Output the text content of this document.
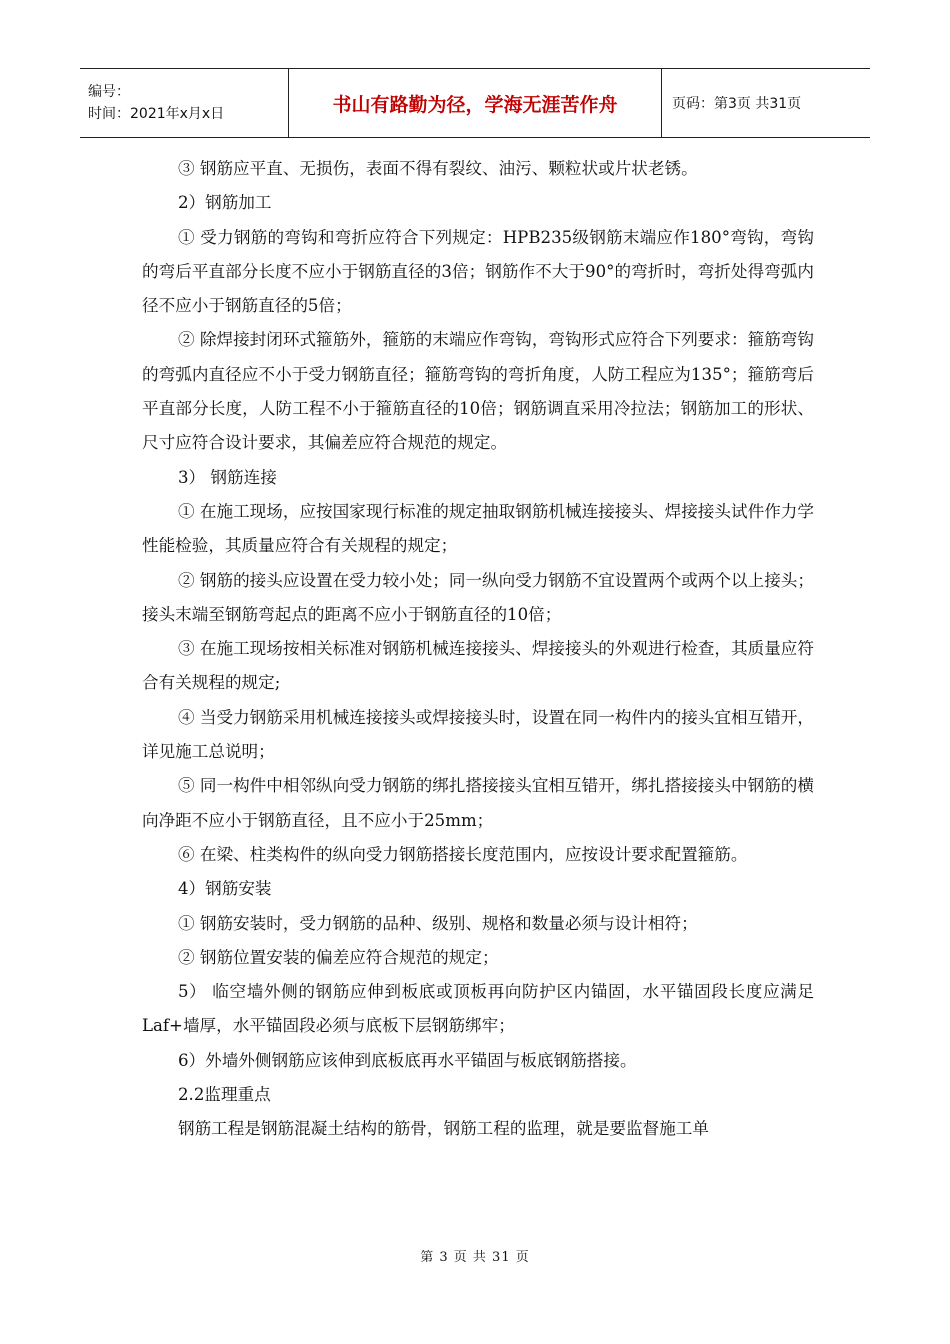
编号：
时间：2021年x月x日	书山有路勤为径，学海无涯苦作舟	页码：第3页 共31页

③ 钢筋应平直、无损伤，表面不得有裂纹、油污、颗粒状或片状老锈。

2）钢筋加工

① 受力钢筋的弯钩和弯折应符合下列规定：HPB235级钢筋末端应作180°弯钩，弯钩的弯后平直部分长度不应小于钢筋直径的3倍；钢筋作不大于90°的弯折时，弯折处得弯弧内径不应小于钢筋直径的5倍；

② 除焊接封闭环式箍筋外，箍筋的末端应作弯钩，弯钩形式应符合下列要求：箍筋弯钩的弯弧内直径应不小于受力钢筋直径；箍筋弯钩的弯折角度，人防工程应为135°；箍筋弯后平直部分长度，人防工程不小于箍筋直径的10倍；钢筋调直采用冷拉法；钢筋加工的形状、尺寸应符合设计要求，其偏差应符合规范的规定。

3） 钢筋连接

① 在施工现场，应按国家现行标准的规定抽取钢筋机械连接接头、焊接接头试件作力学性能检验，其质量应符合有关规程的规定；

② 钢筋的接头应设置在受力较小处；同一纵向受力钢筋不宜设置两个或两个以上接头；接头末端至钢筋弯起点的距离不应小于钢筋直径的10倍；

③ 在施工现场按相关标准对钢筋机械连接接头、焊接接头的外观进行检查，其质量应符合有关规程的规定;

④ 当受力钢筋采用机械连接接头或焊接接头时，设置在同一构件内的接头宜相互错开，详见施工总说明；

⑤ 同一构件中相邻纵向受力钢筋的绑扎搭接接头宜相互错开，绑扎搭接接头中钢筋的横向净距不应小于钢筋直径，且不应小于25mm；

⑥ 在梁、柱类构件的纵向受力钢筋搭接长度范围内，应按设计要求配置箍筋。

4）钢筋安装

① 钢筋安装时，受力钢筋的品种、级别、规格和数量必须与设计相符；

② 钢筋位置安装的偏差应符合规范的规定；

5） 临空墙外侧的钢筋应伸到板底或顶板再向防护区内锚固，水平锚固段长度应满足Laf+墙厚，水平锚固段必须与底板下层钢筋绑牢；

6）外墙外侧钢筋应该伸到底板底再水平锚固与板底钢筋搭接。

2.2监理重点

钢筋工程是钢筋混凝土结构的筋骨，钢筋工程的监理，就是要监督施工单

第 3 页 共 31 页
